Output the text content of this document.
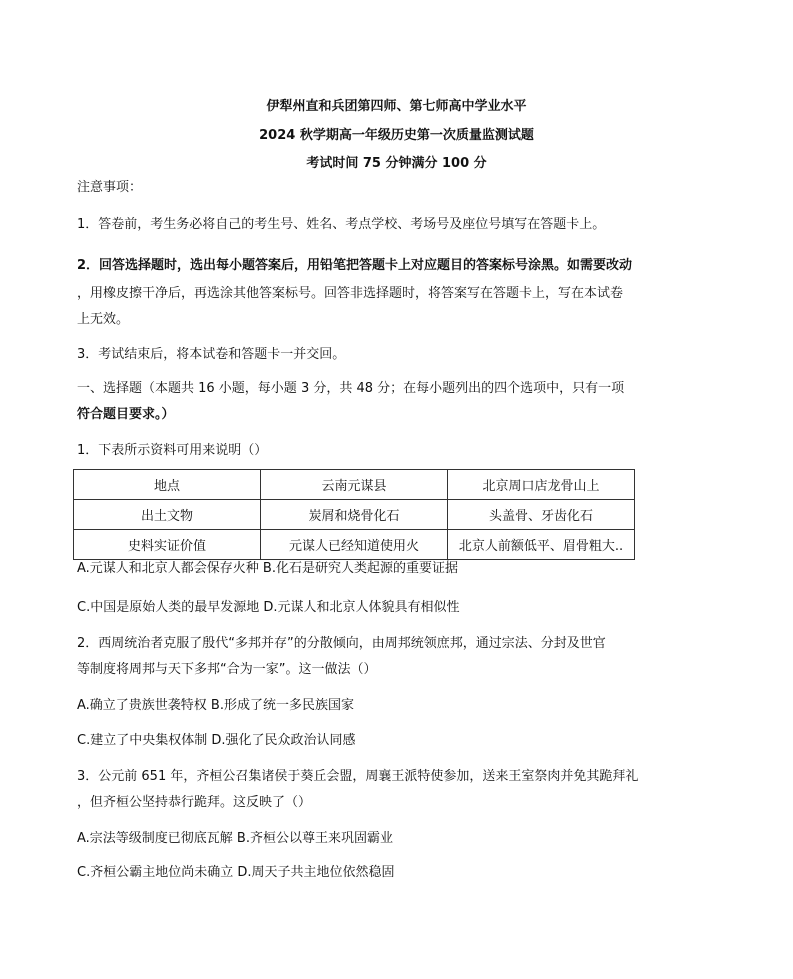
伊犁州直和兵团第四师、第七师高中学业水平
2024 秋学期高一年级历史第一次质量监测试题
考试时间 75 分钟满分 100 分
注意事项：
1．答卷前，考生务必将自己的考生号、姓名、考点学校、考场号及座位号填写在答题卡上。
2．回答选择题时，选出每小题答案后，用铅笔把答题卡上对应题目的答案标号涂黑。如需要改动
，用橡皮擦干净后，再选涂其他答案标号。回答非选择题时，将答案写在答题卡上，写在本试卷
上无效。
3．考试结束后，将本试卷和答题卡一并交回。
一、选择题（本题共 16 小题，每小题 3 分，共 48 分；在每小题列出的四个选项中，只有一项
符合题目要求。）
1．下表所示资料可用来说明（）
地点	云南元谋县	北京周口店龙骨山上
出土文物	炭屑和烧骨化石	头盖骨、牙齿化石
史料实证价值	元谋人已经知道使用火	北京人前额低平、眉骨粗大..
A.元谋人和北京人都会保存火种 B.化石是研究人类起源的重要证据
C.中国是原始人类的最早发源地 D.元谋人和北京人体貌具有相似性
2．西周统治者克服了殷代“多邦并存”的分散倾向，由周邦统领庶邦，通过宗法、分封及世官
等制度将周邦与天下多邦“合为一家”。这一做法（）
A.确立了贵族世袭特权 B.形成了统一多民族国家
C.建立了中央集权体制 D.强化了民众政治认同感
3．公元前 651 年，齐桓公召集诸侯于葵丘会盟，周襄王派特使参加，送来王室祭肉并免其跪拜礼
，但齐桓公坚持恭行跪拜。这反映了（）
A.宗法等级制度已彻底瓦解 B.齐桓公以尊王来巩固霸业
C.齐桓公霸主地位尚未确立 D.周天子共主地位依然稳固
